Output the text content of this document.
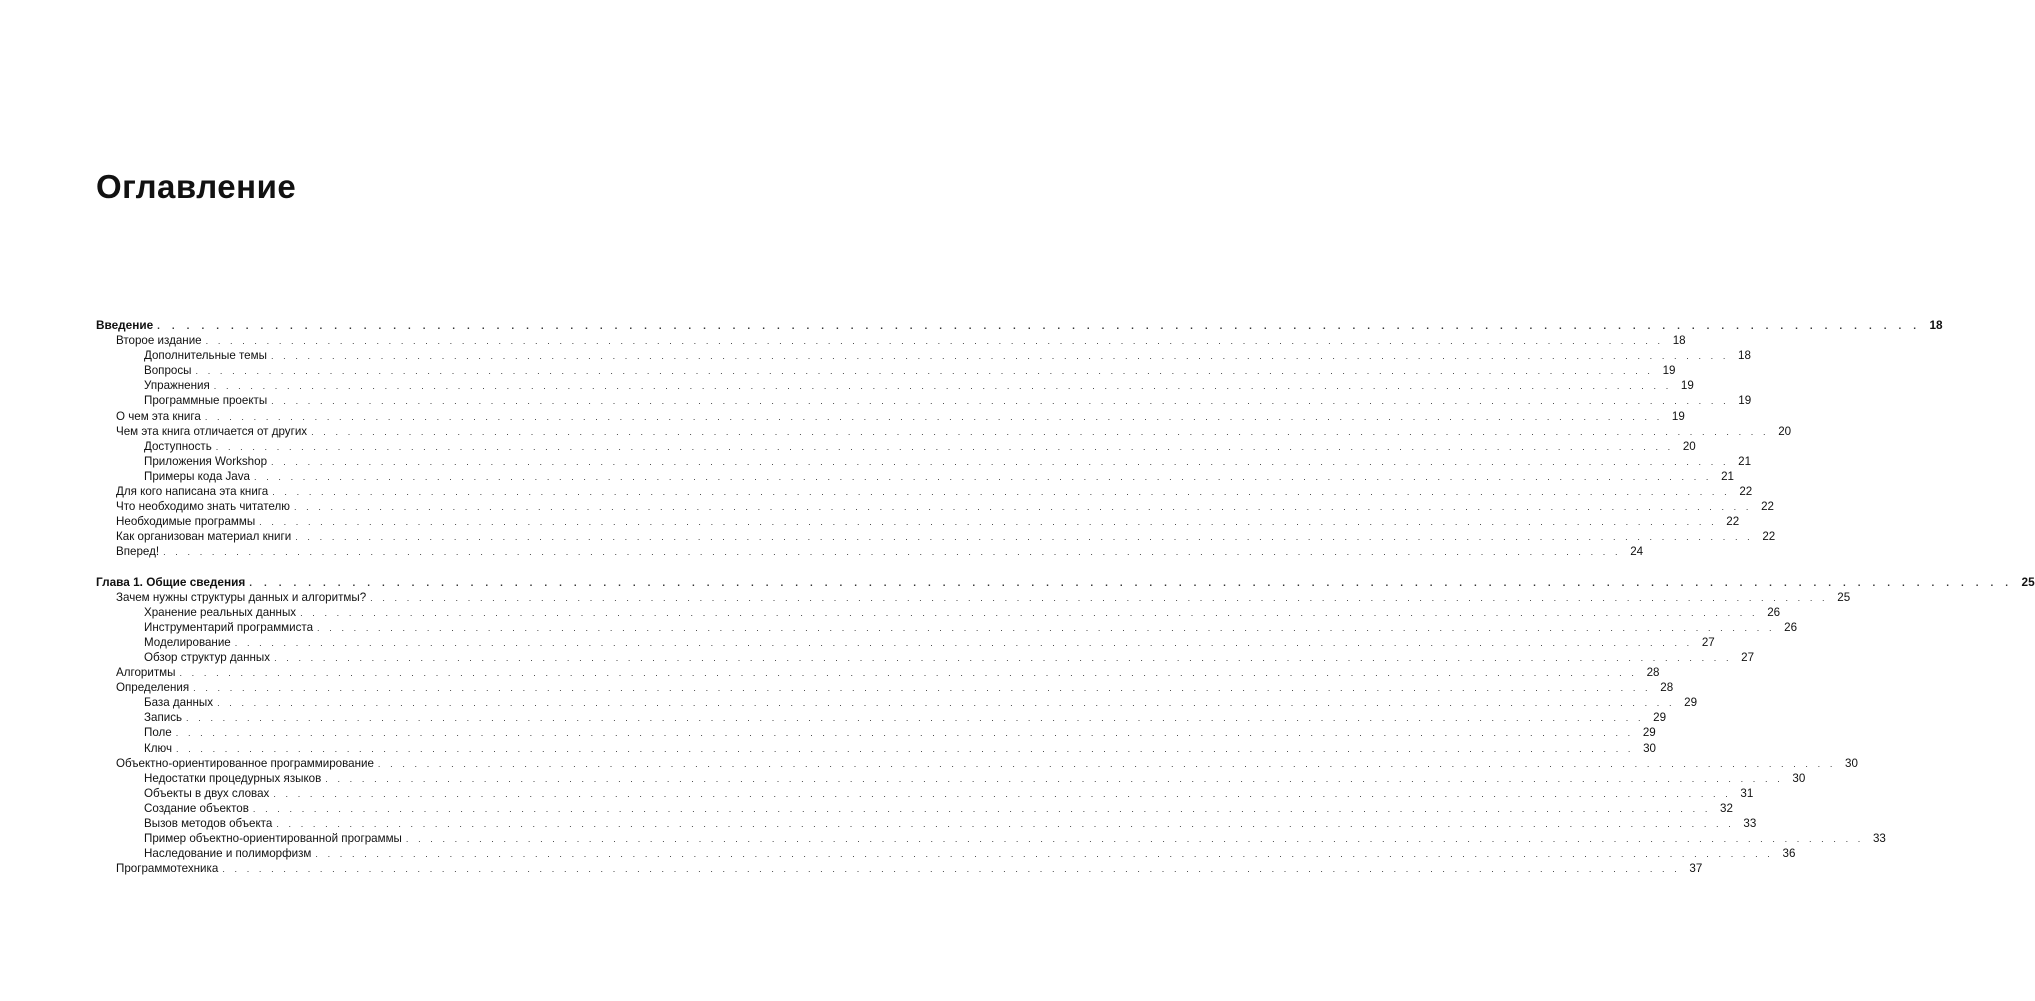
Оглавление
Введение . . . . . . . . . . . . . . . . . . . . . . . . . . . . . . . . . . . . . . . . . . . . . . . . . . . . . . . . . . . . . . . . . . . . . . . . . . . . . . . . . . . . . . . . . . . . . . . . . . . . . . . . . . . . . . . . . . . . . . . . 18
Второе издание . . . . . . . . . . . . . . . . . . . . . . . . . . . . . . . . . . . . . . . . . . . . . . . . . . . . . . . . . . . . . . . . . . . . . . . . . . . . . . . . . . . . . . . . . . . . . . . . . . . . . . . . . . . . . . . . . . . . . . . . 18
Дополнительные темы . . . . . . . . . . . . . . . . . . . . . . . . . . . . . . . . . . . . . . . . . . . . . . . . . . . . . . . . . . . . . . . . . . . . . . . . . . . . . . . . . . . . . . . . . . . . . . . . . . . . . . . . . . . . . . . . . . . . . . . . 18
Вопросы . . . . . . . . . . . . . . . . . . . . . . . . . . . . . . . . . . . . . . . . . . . . . . . . . . . . . . . . . . . . . . . . . . . . . . . . . . . . . . . . . . . . . . . . . . . . . . . . . . . . . . . . . . . . . . . . . . . . . . . . 19
Упражнения . . . . . . . . . . . . . . . . . . . . . . . . . . . . . . . . . . . . . . . . . . . . . . . . . . . . . . . . . . . . . . . . . . . . . . . . . . . . . . . . . . . . . . . . . . . . . . . . . . . . . . . . . . . . . . . . . . . . . . . . 19
Программные проекты . . . . . . . . . . . . . . . . . . . . . . . . . . . . . . . . . . . . . . . . . . . . . . . . . . . . . . . . . . . . . . . . . . . . . . . . . . . . . . . . . . . . . . . . . . . . . . . . . . . . . . . . . . . . . . . . . . . . . . . . 19
О чем эта книга . . . . . . . . . . . . . . . . . . . . . . . . . . . . . . . . . . . . . . . . . . . . . . . . . . . . . . . . . . . . . . . . . . . . . . . . . . . . . . . . . . . . . . . . . . . . . . . . . . . . . . . . . . . . . . . . . . . . . . . . 19
Чем эта книга отличается от других . . . . . . . . . . . . . . . . . . . . . . . . . . . . . . . . . . . . . . . . . . . . . . . . . . . . . . . . . . . . . . . . . . . . . . . . . . . . . . . . . . . . . . . . . . . . . . . . . . . . . . . . . . . . . . . . . . . . . . . . 20
Доступность . . . . . . . . . . . . . . . . . . . . . . . . . . . . . . . . . . . . . . . . . . . . . . . . . . . . . . . . . . . . . . . . . . . . . . . . . . . . . . . . . . . . . . . . . . . . . . . . . . . . . . . . . . . . . . . . . . . . . . . . 20
Приложения Workshop . . . . . . . . . . . . . . . . . . . . . . . . . . . . . . . . . . . . . . . . . . . . . . . . . . . . . . . . . . . . . . . . . . . . . . . . . . . . . . . . . . . . . . . . . . . . . . . . . . . . . . . . . . . . . . . . . . . . . . . . 21
Примеры кода Java . . . . . . . . . . . . . . . . . . . . . . . . . . . . . . . . . . . . . . . . . . . . . . . . . . . . . . . . . . . . . . . . . . . . . . . . . . . . . . . . . . . . . . . . . . . . . . . . . . . . . . . . . . . . . . . . . . . . . . . . 21
Для кого написана эта книга . . . . . . . . . . . . . . . . . . . . . . . . . . . . . . . . . . . . . . . . . . . . . . . . . . . . . . . . . . . . . . . . . . . . . . . . . . . . . . . . . . . . . . . . . . . . . . . . . . . . . . . . . . . . . . . . . . . . . . . . 22
Что необходимо знать читателю . . . . . . . . . . . . . . . . . . . . . . . . . . . . . . . . . . . . . . . . . . . . . . . . . . . . . . . . . . . . . . . . . . . . . . . . . . . . . . . . . . . . . . . . . . . . . . . . . . . . . . . . . . . . . . . . . . . . . . . . 22
Необходимые программы . . . . . . . . . . . . . . . . . . . . . . . . . . . . . . . . . . . . . . . . . . . . . . . . . . . . . . . . . . . . . . . . . . . . . . . . . . . . . . . . . . . . . . . . . . . . . . . . . . . . . . . . . . . . . . . . . . . . . . . . 22
Как организован материал книги . . . . . . . . . . . . . . . . . . . . . . . . . . . . . . . . . . . . . . . . . . . . . . . . . . . . . . . . . . . . . . . . . . . . . . . . . . . . . . . . . . . . . . . . . . . . . . . . . . . . . . . . . . . . . . . . . . . . . . . . 22
Вперед! . . . . . . . . . . . . . . . . . . . . . . . . . . . . . . . . . . . . . . . . . . . . . . . . . . . . . . . . . . . . . . . . . . . . . . . . . . . . . . . . . . . . . . . . . . . . . . . . . . . . . . . . . . . . . . . . . . . . . . . . 24
Глава 1. Общие сведения . . . . . . . . . . . . . . . . . . . . . . . . . . . . . . . . . . . . . . . . . . . . . . . . . . . . . . . . . . . . . . . . . . . . . . . . . . . . . . . . . . . . . . . . . . . . . . . . . . . . . . . . . . . . . . . . . . . . . . . . 25
Зачем нужны структуры данных и алгоритмы? . . . . . . . . . . . . . . . . . . . . . . . . . . . . . . . . . . . . . . . . . . . . . . . . . . . . . . . . . . . . . . . . . . . . . . . . . . . . . . . . . . . . . . . . . . . . . . . . . . . . . . . . . . . . . . . . . . . . . . . . 25
Хранение реальных данных . . . . . . . . . . . . . . . . . . . . . . . . . . . . . . . . . . . . . . . . . . . . . . . . . . . . . . . . . . . . . . . . . . . . . . . . . . . . . . . . . . . . . . . . . . . . . . . . . . . . . . . . . . . . . . . . . . . . . . . . 26
Инструментарий программиста . . . . . . . . . . . . . . . . . . . . . . . . . . . . . . . . . . . . . . . . . . . . . . . . . . . . . . . . . . . . . . . . . . . . . . . . . . . . . . . . . . . . . . . . . . . . . . . . . . . . . . . . . . . . . . . . . . . . . . . . 26
Моделирование . . . . . . . . . . . . . . . . . . . . . . . . . . . . . . . . . . . . . . . . . . . . . . . . . . . . . . . . . . . . . . . . . . . . . . . . . . . . . . . . . . . . . . . . . . . . . . . . . . . . . . . . . . . . . . . . . . . . . . . . 27
Обзор структур данных . . . . . . . . . . . . . . . . . . . . . . . . . . . . . . . . . . . . . . . . . . . . . . . . . . . . . . . . . . . . . . . . . . . . . . . . . . . . . . . . . . . . . . . . . . . . . . . . . . . . . . . . . . . . . . . . . . . . . . . . 27
Алгоритмы . . . . . . . . . . . . . . . . . . . . . . . . . . . . . . . . . . . . . . . . . . . . . . . . . . . . . . . . . . . . . . . . . . . . . . . . . . . . . . . . . . . . . . . . . . . . . . . . . . . . . . . . . . . . . . . . . . . . . . . . 28
Определения . . . . . . . . . . . . . . . . . . . . . . . . . . . . . . . . . . . . . . . . . . . . . . . . . . . . . . . . . . . . . . . . . . . . . . . . . . . . . . . . . . . . . . . . . . . . . . . . . . . . . . . . . . . . . . . . . . . . . . . . 28
База данных . . . . . . . . . . . . . . . . . . . . . . . . . . . . . . . . . . . . . . . . . . . . . . . . . . . . . . . . . . . . . . . . . . . . . . . . . . . . . . . . . . . . . . . . . . . . . . . . . . . . . . . . . . . . . . . . . . . . . . . . 29
Запись . . . . . . . . . . . . . . . . . . . . . . . . . . . . . . . . . . . . . . . . . . . . . . . . . . . . . . . . . . . . . . . . . . . . . . . . . . . . . . . . . . . . . . . . . . . . . . . . . . . . . . . . . . . . . . . . . . . . . . . . 29
Поле . . . . . . . . . . . . . . . . . . . . . . . . . . . . . . . . . . . . . . . . . . . . . . . . . . . . . . . . . . . . . . . . . . . . . . . . . . . . . . . . . . . . . . . . . . . . . . . . . . . . . . . . . . . . . . . . . . . . . . . . 29
Ключ . . . . . . . . . . . . . . . . . . . . . . . . . . . . . . . . . . . . . . . . . . . . . . . . . . . . . . . . . . . . . . . . . . . . . . . . . . . . . . . . . . . . . . . . . . . . . . . . . . . . . . . . . . . . . . . . . . . . . . . . 30
Объектно-ориентированное программирование . . . . . . . . . . . . . . . . . . . . . . . . . . . . . . . . . . . . . . . . . . . . . . . . . . . . . . . . . . . . . . . . . . . . . . . . . . . . . . . . . . . . . . . . . . . . . . . . . . . . . . . . . . . . . . . . . . . . . . . . 30
Недостатки процедурных языков . . . . . . . . . . . . . . . . . . . . . . . . . . . . . . . . . . . . . . . . . . . . . . . . . . . . . . . . . . . . . . . . . . . . . . . . . . . . . . . . . . . . . . . . . . . . . . . . . . . . . . . . . . . . . . . . . . . . . . . . 30
Объекты в двух словах . . . . . . . . . . . . . . . . . . . . . . . . . . . . . . . . . . . . . . . . . . . . . . . . . . . . . . . . . . . . . . . . . . . . . . . . . . . . . . . . . . . . . . . . . . . . . . . . . . . . . . . . . . . . . . . . . . . . . . . . 31
Создание объектов . . . . . . . . . . . . . . . . . . . . . . . . . . . . . . . . . . . . . . . . . . . . . . . . . . . . . . . . . . . . . . . . . . . . . . . . . . . . . . . . . . . . . . . . . . . . . . . . . . . . . . . . . . . . . . . . . . . . . . . . 32
Вызов методов объекта . . . . . . . . . . . . . . . . . . . . . . . . . . . . . . . . . . . . . . . . . . . . . . . . . . . . . . . . . . . . . . . . . . . . . . . . . . . . . . . . . . . . . . . . . . . . . . . . . . . . . . . . . . . . . . . . . . . . . . . . 33
Пример объектно-ориентированной программы . . . . . . . . . . . . . . . . . . . . . . . . . . . . . . . . . . . . . . . . . . . . . . . . . . . . . . . . . . . . . . . . . . . . . . . . . . . . . . . . . . . . . . . . . . . . . . . . . . . . . . . . . . . . . . . . . . . . . . . . 33
Наследование и полиморфизм . . . . . . . . . . . . . . . . . . . . . . . . . . . . . . . . . . . . . . . . . . . . . . . . . . . . . . . . . . . . . . . . . . . . . . . . . . . . . . . . . . . . . . . . . . . . . . . . . . . . . . . . . . . . . . . . . . . . . . . . 36
Программотехника . . . . . . . . . . . . . . . . . . . . . . . . . . . . . . . . . . . . . . . . . . . . . . . . . . . . . . . . . . . . . . . . . . . . . . . . . . . . . . . . . . . . . . . . . . . . . . . . . . . . . . . . . . . . . . . . . . . . . . . . 37
